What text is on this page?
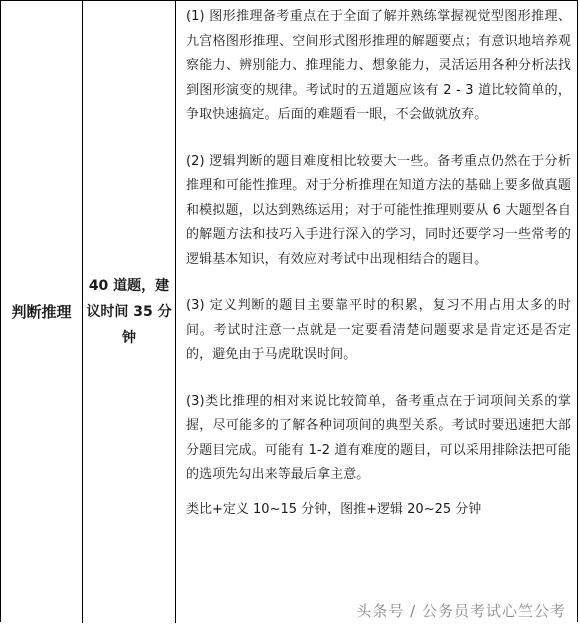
判断推理
40 道题，建议时间 35 分钟

(1) 图形推理备考重点在于全面了解并熟练掌握视觉型图形推理、九宫格图形推理、空间形式图形推理的解题要点；有意识地培养观察能力、辨别能力、推理能力、想象能力，灵活运用各种分析法找到图形演变的规律。考试时的五道题应该有 2 - 3 道比较简单的，争取快速搞定。后面的难题看一眼，不会做就放弃。

(2) 逻辑判断的题目难度相比较要大一些。备考重点仍然在于分析推理和可能性推理。对于分析推理在知道方法的基础上要多做真题和模拟题，以达到熟练运用；对于可能性推理则要从 6 大题型各自的解题方法和技巧入手进行深入的学习，同时还要学习一些常考的逻辑基本知识，有效应对考试中出现相结合的题目。

(3) 定义判断的题目主要靠平时的积累，复习不用占用太多的时间。考试时注意一点就是一定要看清楚问题要求是肯定还是否定的，避免由于马虎耽误时间。

(3)类比推理的相对来说比较简单，备考重点在于词项间关系的掌握，尽可能多的了解各种词项间的典型关系。考试时要迅速把大部分题目完成。可能有 1-2 道有难度的题目，可以采用排除法把可能的选项先勾出来等最后拿主意。

类比+定义 10~15 分钟，图推+逻辑 20~25 分钟
头条号 / 公务员考试心竺公考
